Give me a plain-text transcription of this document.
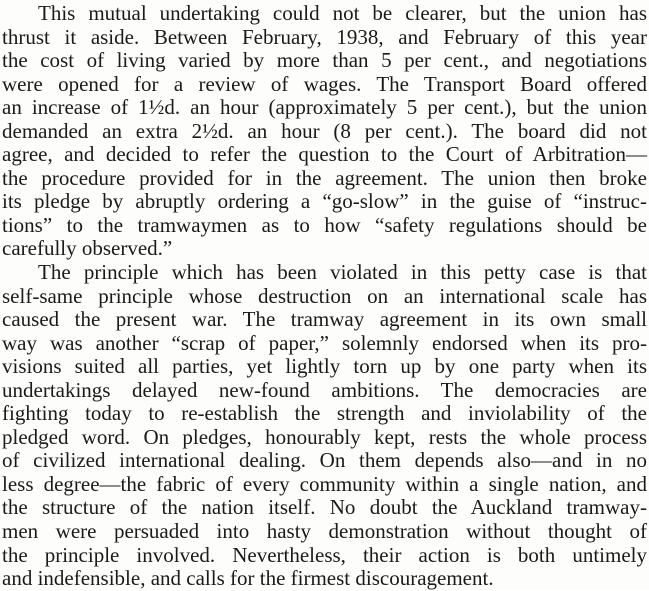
This mutual undertaking could not be clearer, but the union has
thrust it aside. Between February, 1938, and February of this year
the cost of living varied by more than 5 per cent., and negotiations
were opened for a review of wages. The Transport Board offered
an increase of 1½d. an hour (approximately 5 per cent.), but the union
demanded an extra 2½d. an hour (8 per cent.). The board did not
agree, and decided to refer the question to the Court of Arbitration—
the procedure provided for in the agreement. The union then broke
its pledge by abruptly ordering a “go-slow” in the guise of “instruc-
tions” to the tramwaymen as to how “safety regulations should be
carefully observed.”
The principle which has been violated in this petty case is that
self-same principle whose destruction on an international scale has
caused the present war. The tramway agreement in its own small
way was another “scrap of paper,” solemnly endorsed when its pro-
visions suited all parties, yet lightly torn up by one party when its
undertakings delayed new-found ambitions. The democracies are
fighting today to re-establish the strength and inviolability of the
pledged word. On pledges, honourably kept, rests the whole process
of civilized international dealing. On them depends also—and in no
less degree—the fabric of every community within a single nation, and
the structure of the nation itself. No doubt the Auckland tramway-
men were persuaded into hasty demonstration without thought of
the principle involved. Nevertheless, their action is both untimely
and indefensible, and calls for the firmest discouragement.
